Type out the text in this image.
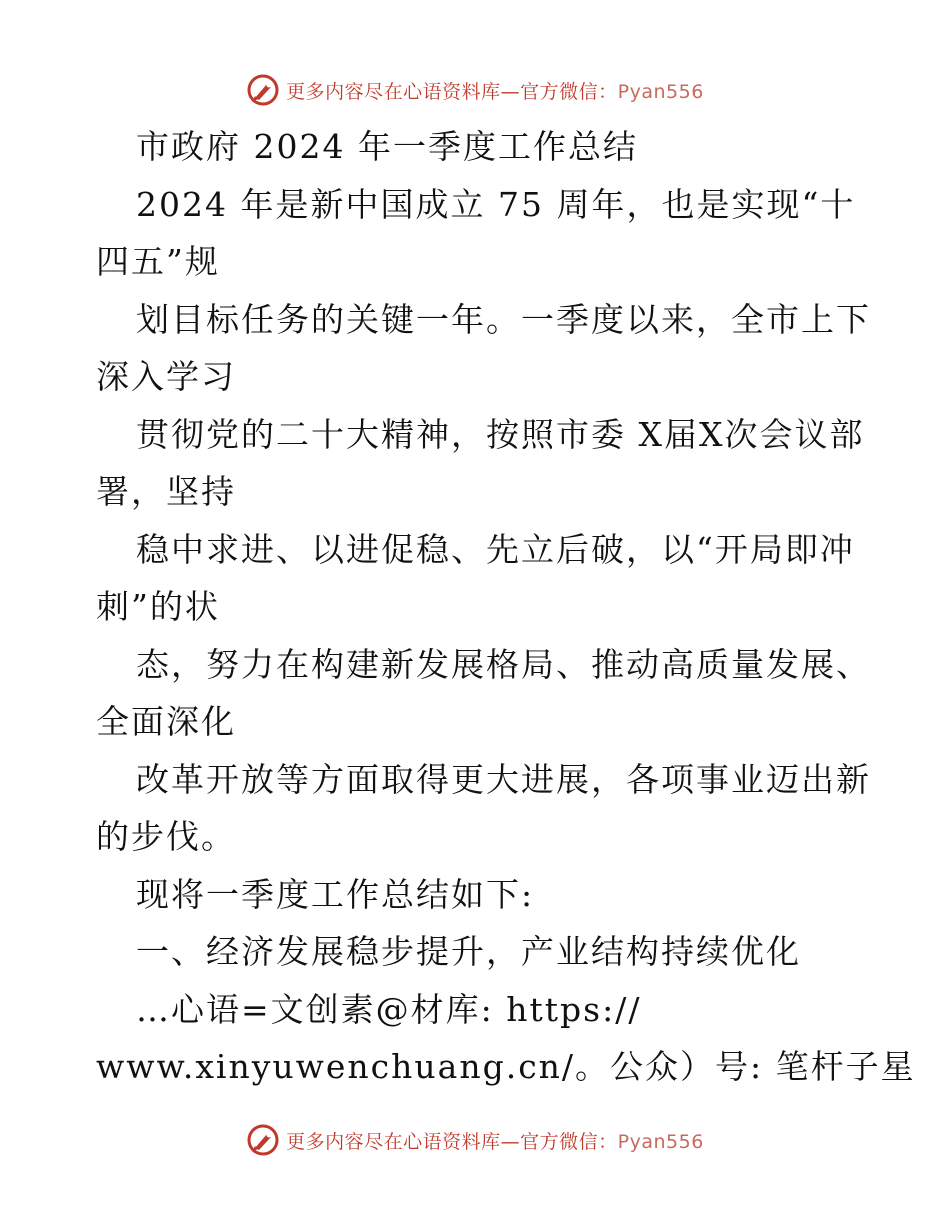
更多内容尽在心语资料库—官方微信：Pyan556
市政府 2024 年一季度工作总结
2024 年是新中国成立 75 周年，也是实现“十
四五”规
划目标任务的关键一年。一季度以来，全市上下
深入学习
贯彻党的二十大精神，按照市委 X届X次会议部
署，坚持
稳中求进、以进促稳、先立后破，以“开局即冲
刺”的状
态，努力在构建新发展格局、推动高质量发展、
全面深化
改革开放等方面取得更大进展，各项事业迈出新
的步伐。
现将一季度工作总结如下:
一、经济发展稳步提升，产业结构持续优化
…心语=文创素@材库: https://
www.xinyuwenchuang.cn/。公众）号: 笔杆子星
更多内容尽在心语资料库—官方微信：Pyan556
